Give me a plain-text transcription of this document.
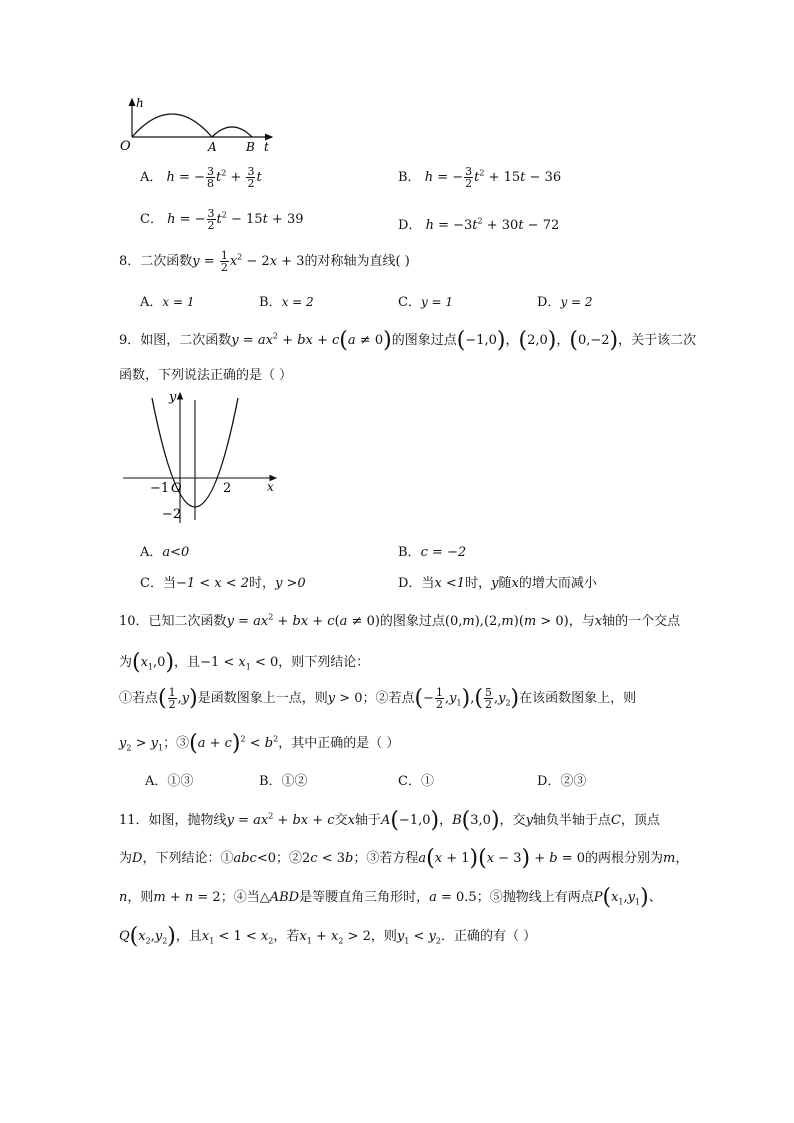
h
O	A B t
A． h = − $\frac{3}{8} t^2 + \frac{3}{2}$ t	B． h = − $\frac{3}{2} t^2 + 15t - 36$
C． h = − $\frac{3}{2} t^2 - 15t + 39$	D． $h = -3t^2 + 30t - 72$
8．二次函数$y = \frac{1}{2} x^2 - 2x + 3$的对称轴为直线( )
A．x = 1	B．x = 2	C．y = 1	D．y = 2
9．如图，二次函数$y = ax^2$ + bx + c(a ≠ 0)的图象过点(−1,0)，(2,0)，(0,−2)，关于该二次
函数，下列说法正确的是（ ）
y
x
O
−1	2
−2
A．a<0	B．c = −2
C．当−1 < x < 2时，y >0	D．当x <1时，y随x的增大而减小
10．已知二次函数$y = ax^2$ + bx + c(a ≠ 0)的图象过点(0,m),(2,m)(m > 0)，与x轴的一个交点
为$(x_1,0)$，且$-1 < x_1 < 0$，则下列结论：
①若点( $\frac{1}{2} ,y$)是函数图象上一点，则y > 0；②若点(− $\frac{1}{2} ,y_1),( \frac{5}{2} ,y_2)$在该函数图象上，则
$y_2 > y_1$；③(a + $c)^2 < b^2$，其中正确的是（ ）
A．①③	B．①②	C．①	D．②③
11．如图，抛物线$y = ax^2$ + bx + c交x轴于A(−1,0)，B(3,0)，交y轴负半轴于点C，顶点
为D，下列结论：①abc<0；②2c < 3b；③若方程a(x + 1)(x − 3) + b = 0的两根分别为m，
n，则m + n = 2；④当△ABD是等腰直角三角形时，a = 0.5；⑤抛物线上有两点$P(x_1,y_1)$、
$Q(x_2,y_2)$，且$x_1 < 1 < x_2$，若$x_1 + x_2 > 2$，则$y_1 < y_2$．正确的有（ ）
